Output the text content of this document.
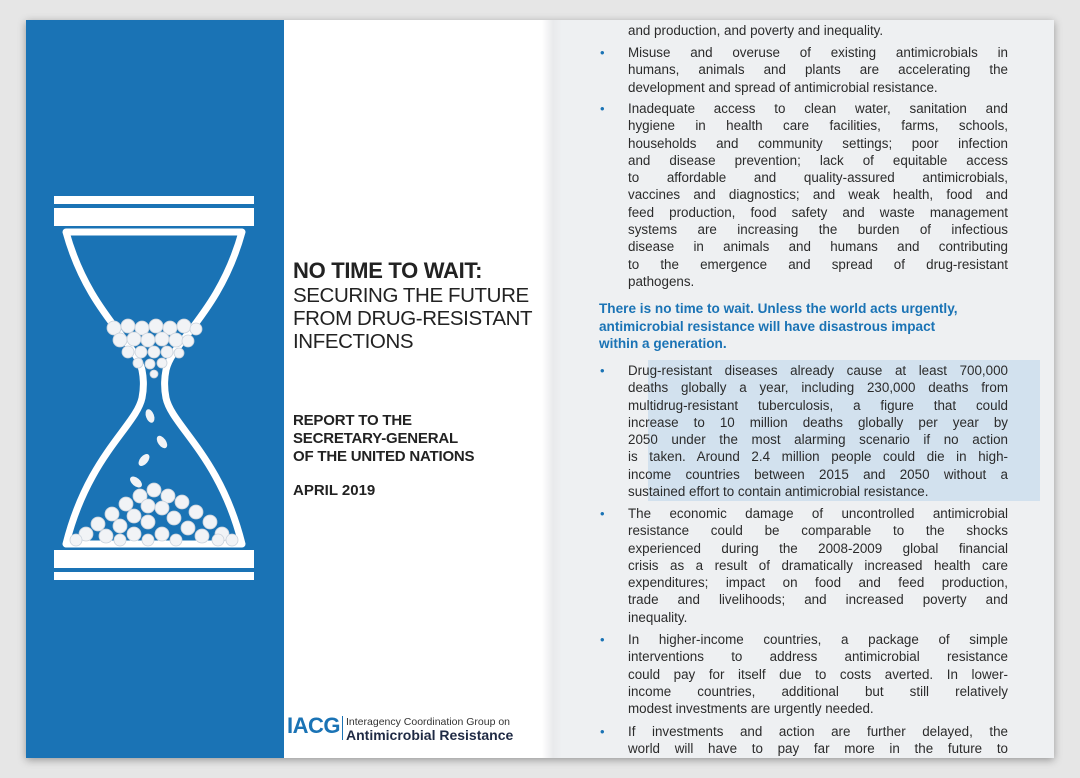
NO TIME TO WAIT:
SECURING THE FUTURE
FROM DRUG-RESISTANT
INFECTIONS
REPORT TO THE
SECRETARY-GENERAL
OF THE UNITED NATIONS
APRIL 2019
IACG Interagency Coordination Group on
Antimicrobial Resistance
and production, and poverty and inequality.
• Misuse and overuse of existing antimicrobials in
humans, animals and plants are accelerating the
development and spread of antimicrobial resistance.
• Inadequate access to clean water, sanitation and
hygiene in health care facilities, farms, schools,
households and community settings; poor infection
and disease prevention; lack of equitable access
to affordable and quality-assured antimicrobials,
vaccines and diagnostics; and weak health, food and
feed production, food safety and waste management
systems are increasing the burden of infectious
disease in animals and humans and contributing
to the emergence and spread of drug-resistant
pathogens.
There is no time to wait. Unless the world acts urgently,
antimicrobial resistance will have disastrous impact
within a generation.
• Drug-resistant diseases already cause at least 700,000
deaths globally a year, including 230,000 deaths from
multidrug-resistant tuberculosis, a figure that could
increase to 10 million deaths globally per year by
2050 under the most alarming scenario if no action
is taken. Around 2.4 million people could die in high-
income countries between 2015 and 2050 without a
sustained effort to contain antimicrobial resistance.
• The economic damage of uncontrolled antimicrobial
resistance could be comparable to the shocks
experienced during the 2008-2009 global financial
crisis as a result of dramatically increased health care
expenditures; impact on food and feed production,
trade and livelihoods; and increased poverty and
inequality.
• In higher-income countries, a package of simple
interventions to address antimicrobial resistance
could pay for itself due to costs averted. In lower-
income countries, additional but still relatively
modest investments are urgently needed.
• If investments and action are further delayed, the
world will have to pay far more in the future to
